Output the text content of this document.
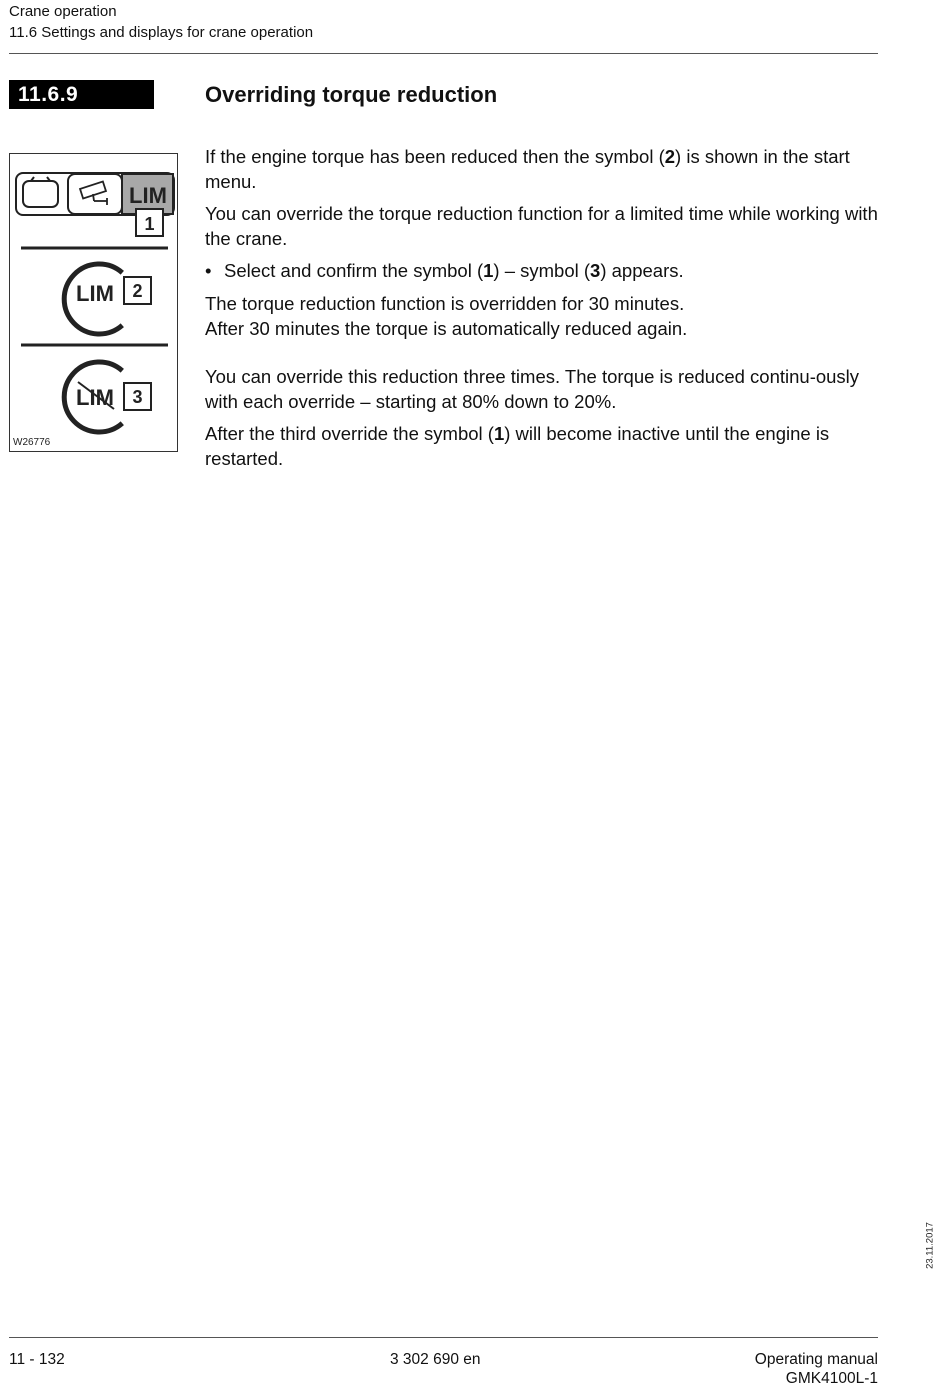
Crane operation
11.6 Settings and displays for crane operation
11.6.9	Overriding torque reduction
LIM
1
LIM 2
LIM 3
W26776

If the engine torque has been reduced then the symbol (2) is shown in the start menu.

You can override the torque reduction function for a limited time while working with the crane.

• Select and confirm the symbol (1) – symbol (3) appears.

The torque reduction function is overridden for 30 minutes.

After 30 minutes the torque is automatically reduced again.

You can override this reduction three times. The torque is reduced continu-ously with each override – starting at 80% down to 20%.

After the third override the symbol (1) will become inactive until the engine is restarted.

23.11.2017
11 - 132	3 302 690 en	Operating manual
GMK4100L-1
